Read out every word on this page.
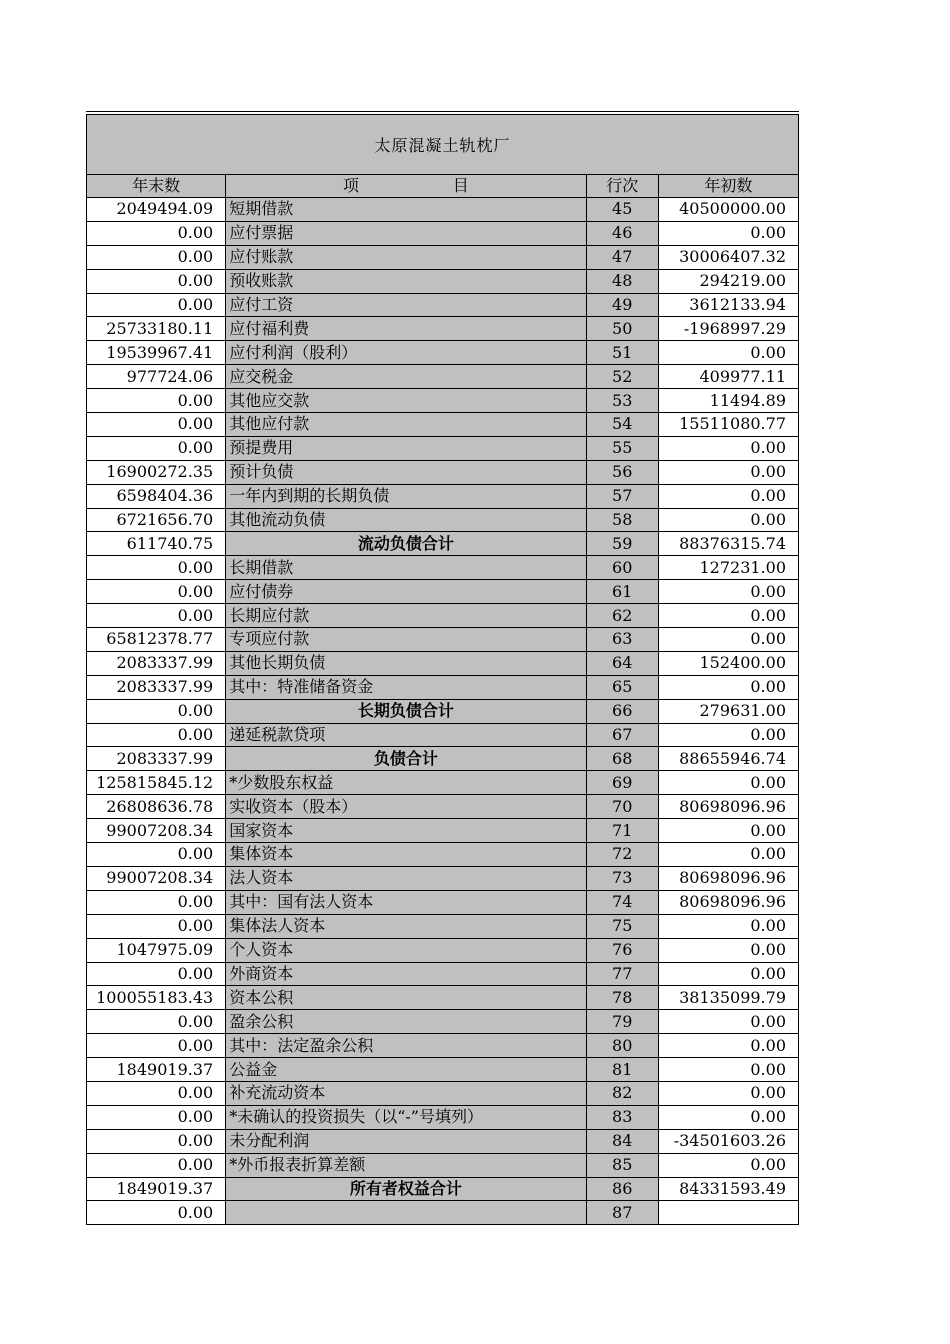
太原混凝土轨枕厂
年末数	项 目	行次	年初数
2049494.09	短期借款	45	40500000.00
0.00	应付票据	46	0.00
0.00	应付账款	47	30006407.32
0.00	预收账款	48	294219.00
0.00	应付工资	49	3612133.94
25733180.11	应付福利费	50	-1968997.29
19539967.41	应付利润（股利）	51	0.00
977724.06	应交税金	52	409977.11
0.00	其他应交款	53	11494.89
0.00	其他应付款	54	15511080.77
0.00	预提费用	55	0.00
16900272.35	预计负债	56	0.00
6598404.36	一年内到期的长期负债	57	0.00
6721656.70	其他流动负债	58	0.00
611740.75	流动负债合计	59	88376315.74
0.00	长期借款	60	127231.00
0.00	应付债券	61	0.00
0.00	长期应付款	62	0.00
65812378.77	专项应付款	63	0.00
2083337.99	其他长期负债	64	152400.00
2083337.99	其中：特准储备资金	65	0.00
0.00	长期负债合计	66	279631.00
0.00	递延税款贷项	67	0.00
2083337.99	负债合计	68	88655946.74
125815845.12	*少数股东权益	69	0.00
26808636.78	实收资本（股本）	70	80698096.96
99007208.34	国家资本	71	0.00
0.00	集体资本	72	0.00
99007208.34	法人资本	73	80698096.96
0.00	其中：国有法人资本	74	80698096.96
0.00	集体法人资本	75	0.00
1047975.09	个人资本	76	0.00
0.00	外商资本	77	0.00
100055183.43	资本公积	78	38135099.79
0.00	盈余公积	79	0.00
0.00	其中：法定盈余公积	80	0.00
1849019.37	公益金	81	0.00
0.00	补充流动资本	82	0.00
0.00	*未确认的投资损失（以“-”号填列）	83	0.00
0.00	未分配利润	84	-34501603.26
0.00	*外币报表折算差额	85	0.00
1849019.37	所有者权益合计	86	84331593.49
0.00		87	
